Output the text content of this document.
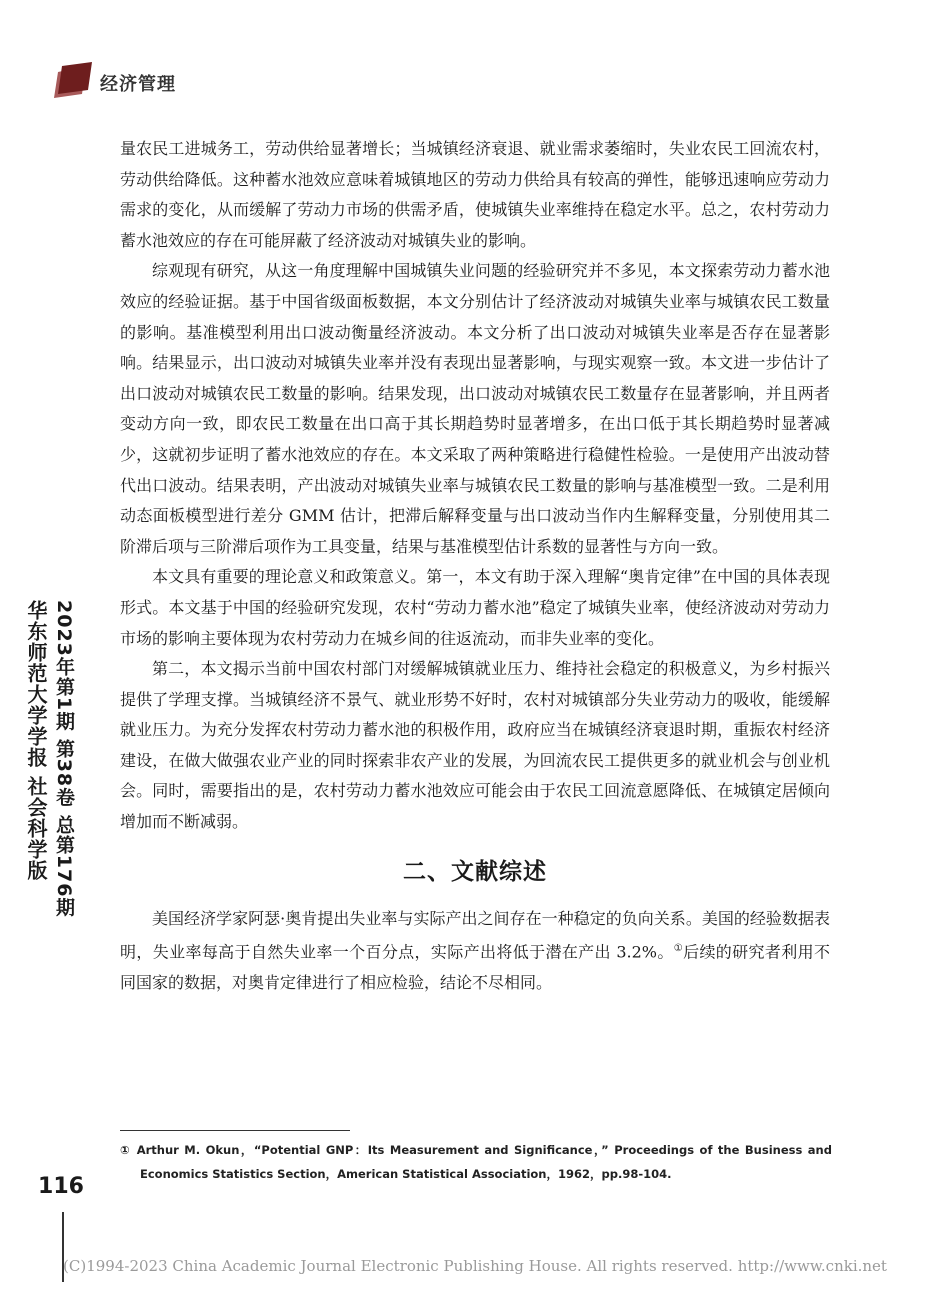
经济管理

量农民工进城务工，劳动供给显著增长；当城镇经济衰退、就业需求萎缩时，失业农民工回流农村，劳动供给降低。这种蓄水池效应意味着城镇地区的劳动力供给具有较高的弹性，能够迅速响应劳动力需求的变化，从而缓解了劳动力市场的供需矛盾，使城镇失业率维持在稳定水平。总之，农村劳动力蓄水池效应的存在可能屏蔽了经济波动对城镇失业的影响。

综观现有研究，从这一角度理解中国城镇失业问题的经验研究并不多见，本文探索劳动力蓄水池效应的经验证据。基于中国省级面板数据，本文分别估计了经济波动对城镇失业率与城镇农民工数量的影响。基准模型利用出口波动衡量经济波动。本文分析了出口波动对城镇失业率是否存在显著影响。结果显示，出口波动对城镇失业率并没有表现出显著影响，与现实观察一致。本文进一步估计了出口波动对城镇农民工数量的影响。结果发现，出口波动对城镇农民工数量存在显著影响，并且两者变动方向一致，即农民工数量在出口高于其长期趋势时显著增多，在出口低于其长期趋势时显著减少，这就初步证明了蓄水池效应的存在。本文采取了两种策略进行稳健性检验。一是使用产出波动替代出口波动。结果表明，产出波动对城镇失业率与城镇农民工数量的影响与基准模型一致。二是利用动态面板模型进行差分 GMM 估计，把滞后解释变量与出口波动当作内生解释变量，分别使用其二阶滞后项与三阶滞后项作为工具变量，结果与基准模型估计系数的显著性与方向一致。

本文具有重要的理论意义和政策意义。第一，本文有助于深入理解“奥肯定律”在中国的具体表现形式。本文基于中国的经验研究发现，农村“劳动力蓄水池”稳定了城镇失业率，使经济波动对劳动力市场的影响主要体现为农村劳动力在城乡间的往返流动，而非失业率的变化。

第二，本文揭示当前中国农村部门对缓解城镇就业压力、维持社会稳定的积极意义，为乡村振兴提供了学理支撑。当城镇经济不景气、就业形势不好时，农村对城镇部分失业劳动力的吸收，能缓解就业压力。为充分发挥农村劳动力蓄水池的积极作用，政府应当在城镇经济衰退时期，重振农村经济建设，在做大做强农业产业的同时探索非农产业的发展，为回流农民工提供更多的就业机会与创业机会。同时，需要指出的是，农村劳动力蓄水池效应可能会由于农民工回流意愿降低、在城镇定居倾向增加而不断减弱。

二、文献综述

美国经济学家阿瑟·奥肯提出失业率与实际产出之间存在一种稳定的负向关系。美国的经验数据表明，失业率每高于自然失业率一个百分点，实际产出将低于潜在产出 3.2%。①后续的研究者利用不同国家的数据，对奥肯定律进行了相应检验，结论不尽相同。

2023年第1期 第38卷 总第176期
华东师范大学学报 社会科学版
116
① Arthur M. Okun，“Potential GNP：Its Measurement and Significance，” Proceedings of the Business and Economics Statistics Section，American Statistical Association，1962，pp.98-104.
(C)1994-2023 China Academic Journal Electronic Publishing House. All rights reserved. http://www.cnki.net
